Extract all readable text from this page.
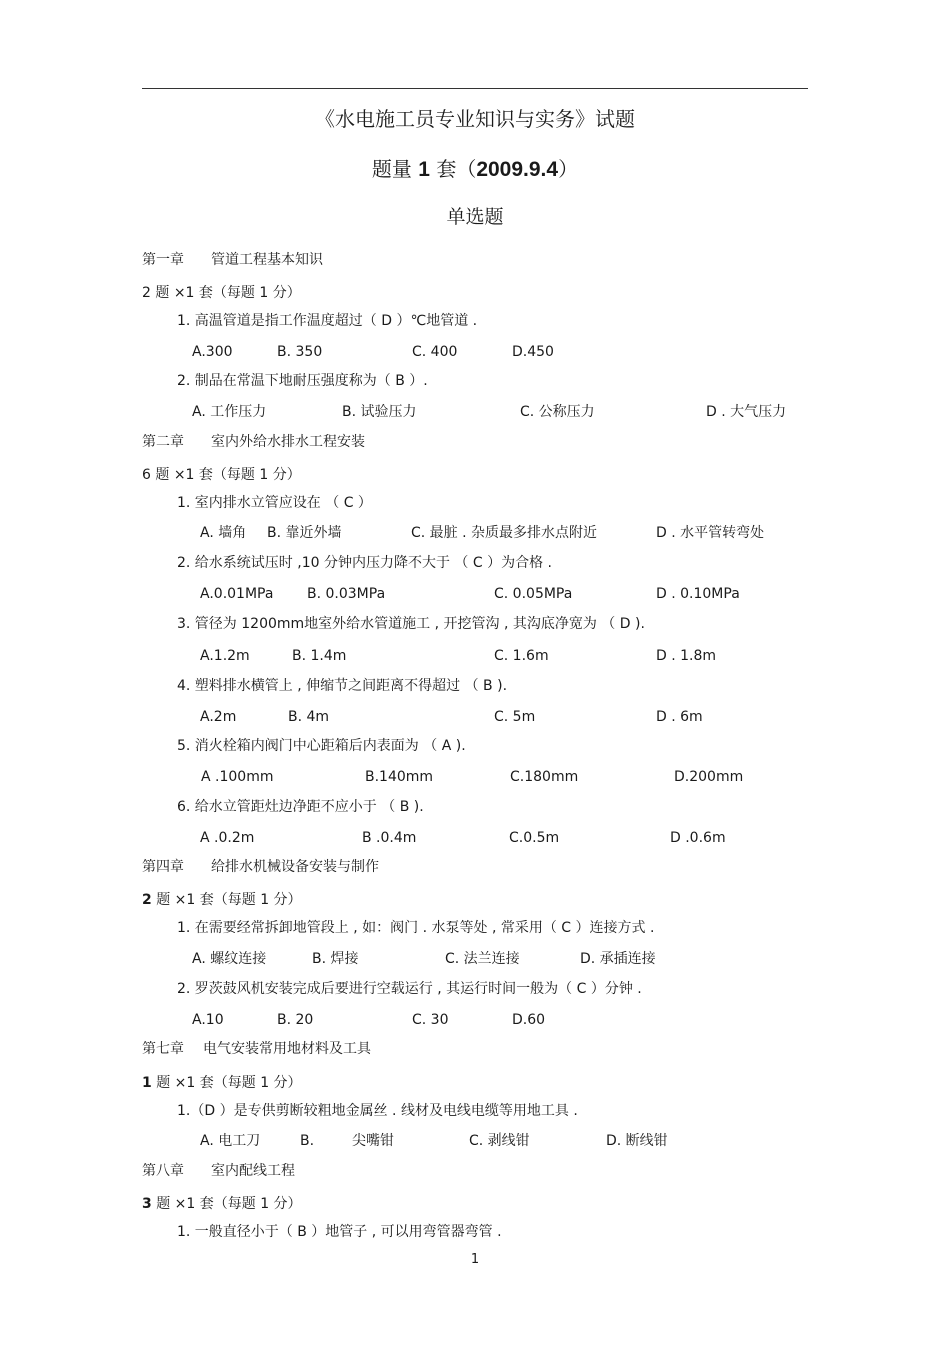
《水电施工员专业知识与实务》试题
题量 1 套（2009.9.4）
单选题
第一章 管道工程基本知识
2 题 ×1 套（每题 1 分）
1. 高温管道是指工作温度超过（ D ）℃地管道 .
A.300	B. 350	C. 400	D.450
2. 制品在常温下地耐压强度称为（ B ）.
A. 工作压力	B. 试验压力	C. 公称压力	D . 大气压力
第二章 室内外给水排水工程安装
6 题 ×1 套（每题 1 分）
1. 室内排水立管应设在 （ C ）
A. 墙角 B. 靠近外墙	C. 最脏 . 杂质最多排水点附近	D . 水平管转弯处
2. 给水系统试压时 ,10 分钟内压力降不大于 （ C ）为合格 .
A.0.01MPa B. 0.03MPa	C. 0.05MPa	D . 0.10MPa
3. 管径为 1200mm地室外给水管道施工 , 开挖管沟 , 其沟底净宽为 （ D ).
A.1.2m	B. 1.4m	C. 1.6m	D . 1.8m
4. 塑料排水横管上 , 伸缩节之间距离不得超过 （ B ).
A.2m	B. 4m	C. 5m	D . 6m
5. 消火栓箱内阀门中心距箱后内表面为 （ A ).
A .100mm	B.140mm	C.180mm	D.200mm
6. 给水立管距灶边净距不应小于 （ B ).
A .0.2m	B .0.4m	C.0.5m	D .0.6m
第四章 给排水机械设备安装与制作
2 题 ×1 套（每题 1 分）
1. 在需要经常拆卸地管段上 , 如：阀门 . 水泵等处 , 常采用（ C ）连接方式 .
A. 螺纹连接	B. 焊接	C. 法兰连接	D. 承插连接
2. 罗茨鼓风机安装完成后要进行空载运行 , 其运行时间一般为（ C ）分钟 .
A.10	B. 20	C. 30	D.60
第七章 电气安装常用地材料及工具
1 题 ×1 套（每题 1 分）
1.（D ）是专供剪断较粗地金属丝 . 线材及电线电缆等用地工具 .
A. 电工刀	B.	尖嘴钳	C. 剥线钳	D. 断线钳
第八章 室内配线工程
3 题 ×1 套（每题 1 分）
1. 一般直径小于（ B ）地管子 , 可以用弯管器弯管 .
1
